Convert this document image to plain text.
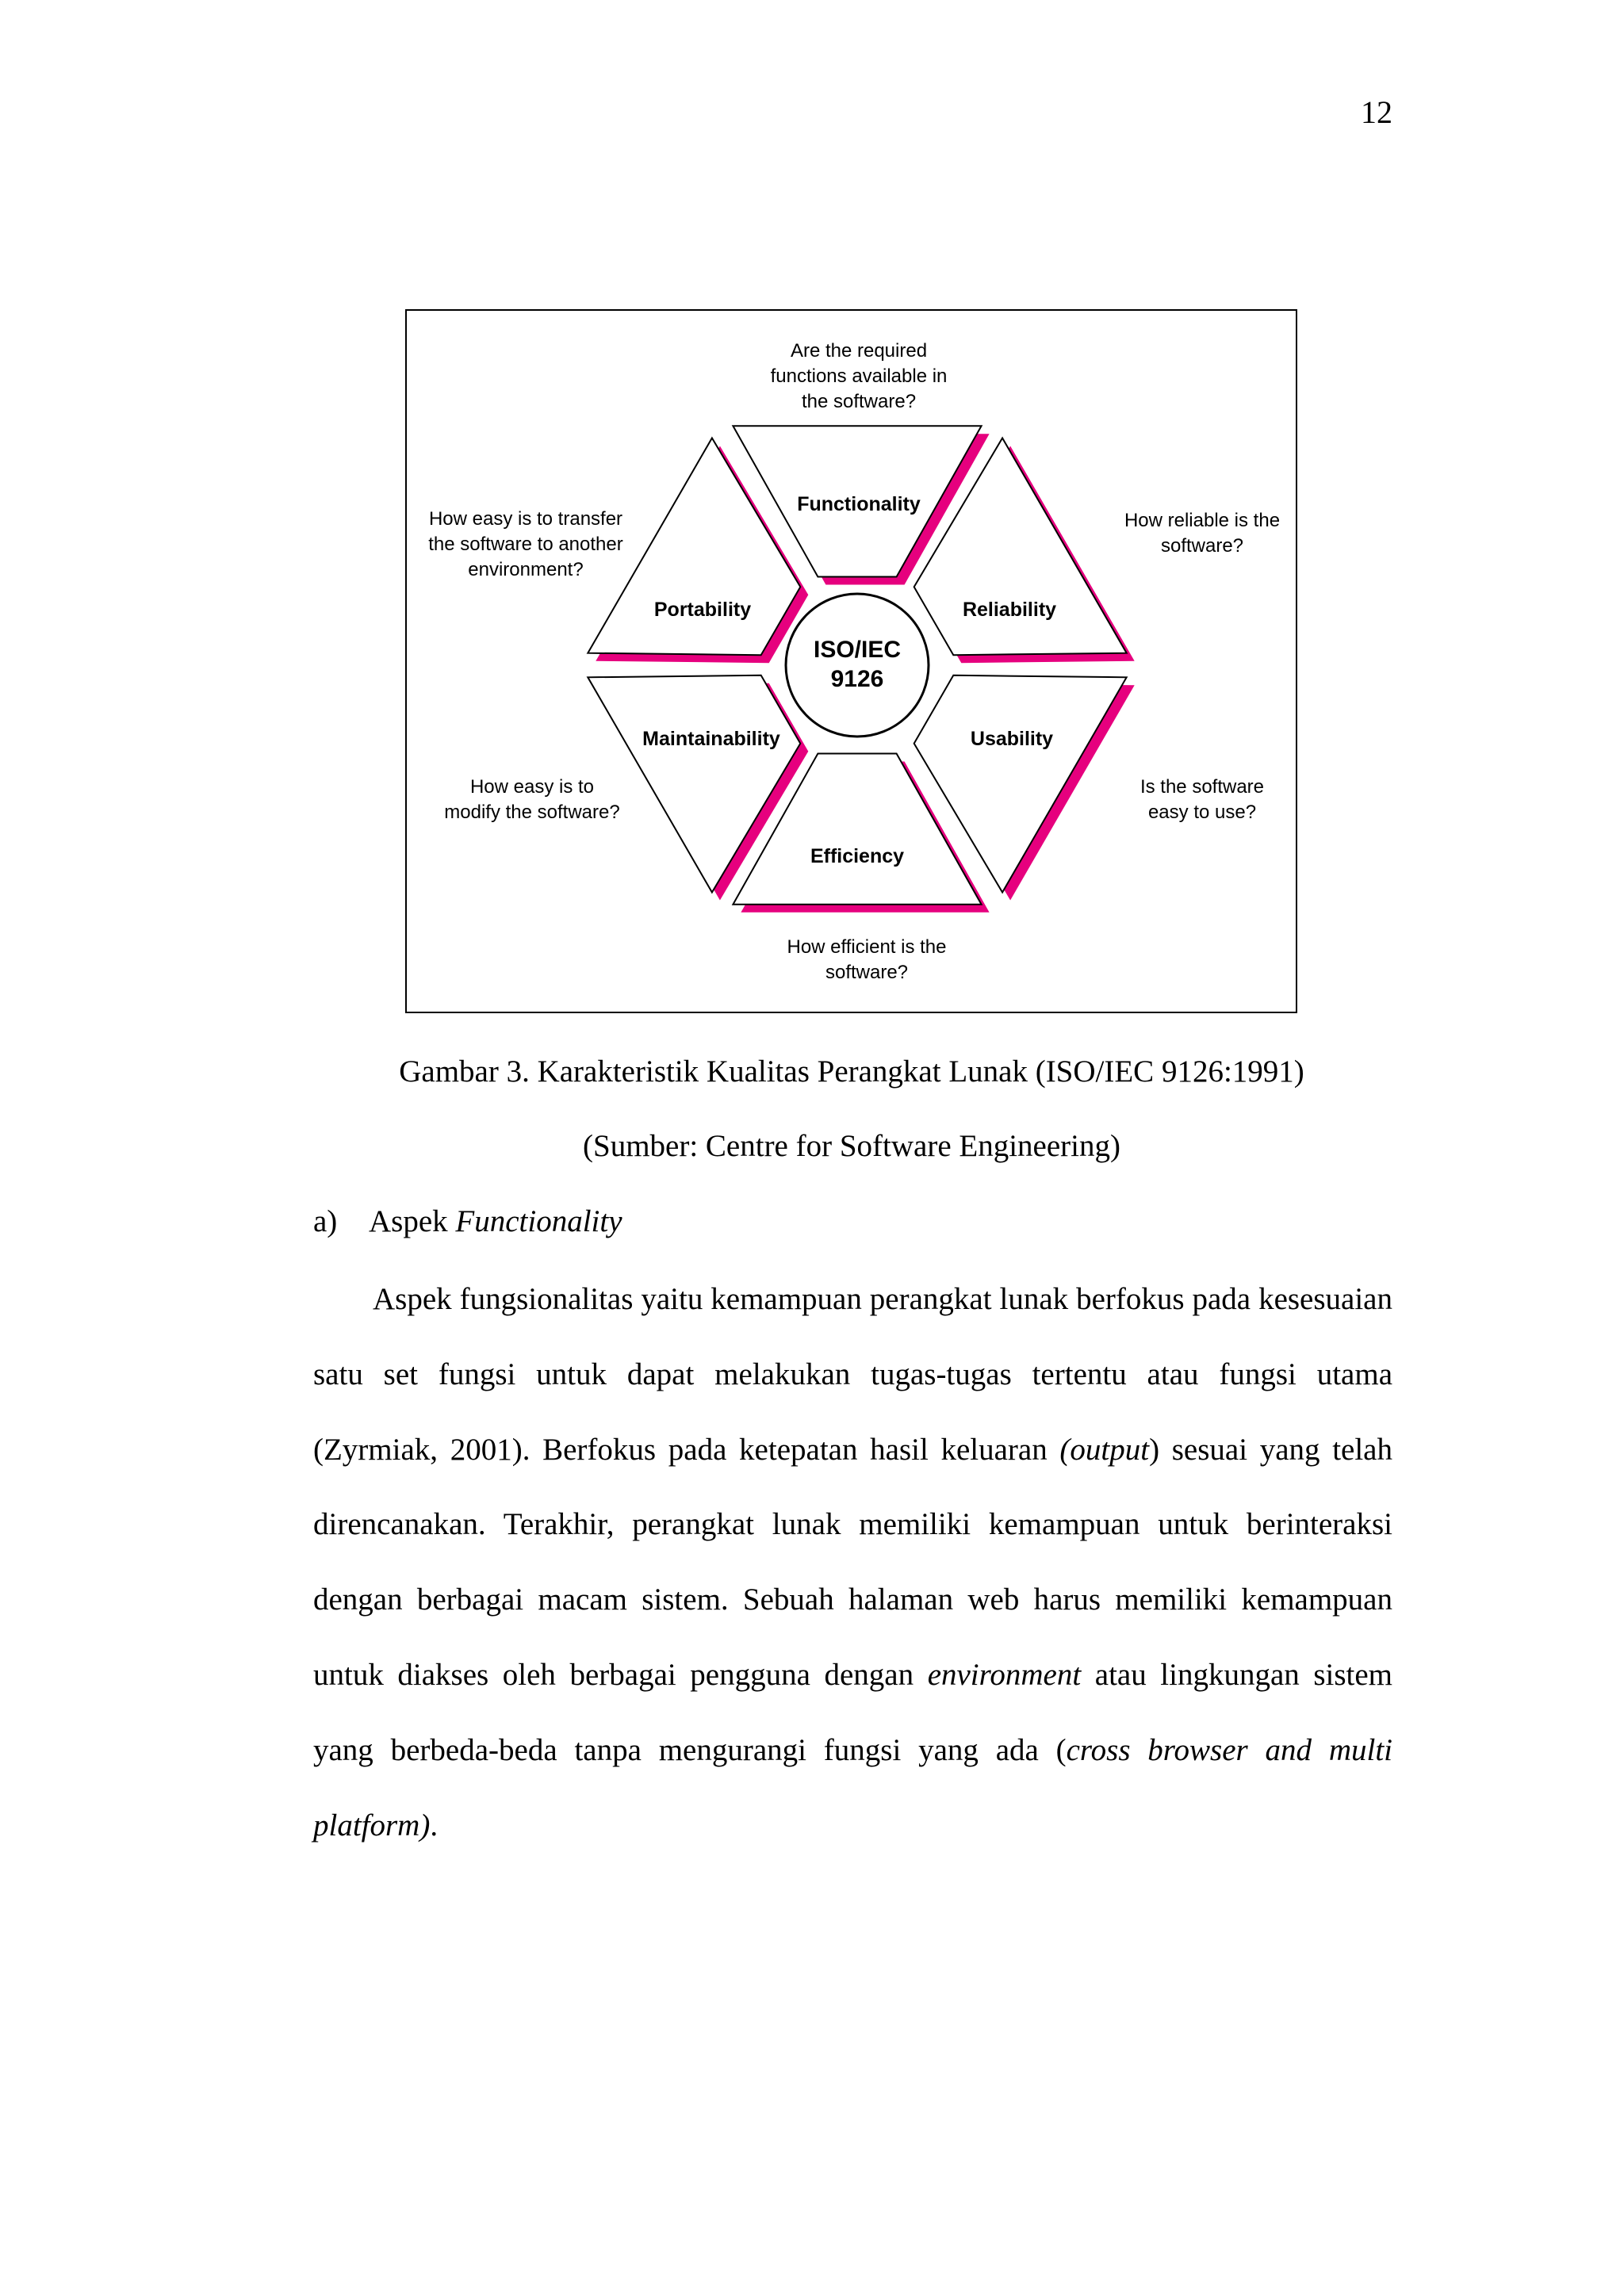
12
ISO/IEC
9126
Functionality
Reliability
Usability
Efficiency
Maintainability
Portability
Are the required functions available in the software?
How reliable is the software?
Is the software easy to use?
How efficient is the software?
How easy is to modify the software?
How easy is to transfer the software to another environment?
Gambar 3. Karakteristik Kualitas Perangkat Lunak (ISO/IEC 9126:1991)
(Sumber: Centre for Software Engineering)
a) Aspek Functionality

Aspek fungsionalitas yaitu kemampuan perangkat lunak berfokus pada kesesuaian satu set fungsi untuk dapat melakukan tugas-tugas tertentu atau fungsi utama (Zyrmiak, 2001). Berfokus pada ketepatan hasil keluaran (output) sesuai yang telah direncanakan. Terakhir, perangkat lunak memiliki kemampuan untuk berinteraksi dengan berbagai macam sistem. Sebuah halaman web harus memiliki kemampuan untuk diakses oleh berbagai pengguna dengan environment atau lingkungan sistem yang berbeda-beda tanpa mengurangi fungsi yang ada (cross browser and multi platform).
